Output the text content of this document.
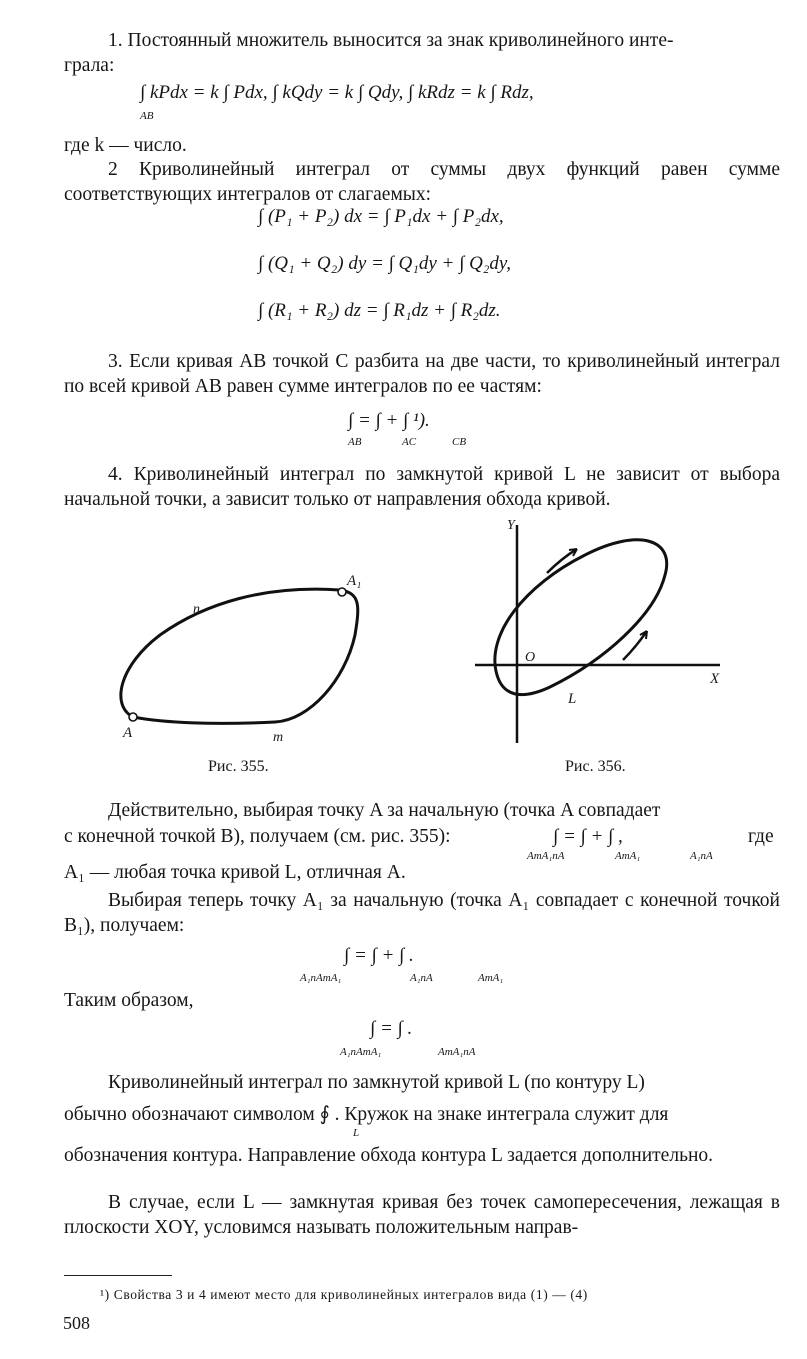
1. Постоянный множитель выносится за знак криволинейного инте-
грала:
∫ kPdx = k ∫ Pdx, ∫ kQdy = k ∫ Qdy, ∫ kRdz = k ∫ Rdz,
AB
где k — число.
2 Криволинейный интеграл от суммы двух функций равен сумме соответствующих интегралов от слагаемых:
∫ (P₁ + P₂) dx = ∫ P₁dx + ∫ P₂dx,
∫ (Q₁ + Q₂) dy = ∫ Q₁dy + ∫ Q₂dy,
∫ (R₁ + R₂) dz = ∫ R₁dz + ∫ R₂dz.
3. Если кривая AB точкой C разбита на две части, то криволинейный интеграл по всей кривой AB равен сумме интегралов по ее частям:
∫ = ∫ + ∫ ¹).
AB	AC	CB
4. Криволинейный интеграл по замкнутой кривой L не зависит от выбора начальной точки, а зависит только от направления обхода кривой.
A
A₁
n
m
Рис. 355.
Y
X
O
L
Рис. 356.
Действительно, выбирая точку A за начальную (точка A совпадает
с конечной точкой B), получаем (см. рис. 355):	∫ = ∫ + ∫ ,	где
AmA₁nA	AmA₁	A₁nA
A₁ — любая точка кривой L, отличная A.
Выбирая теперь точку A₁ за начальную (точка A₁ совпадает с конечной точкой B₁), получаем:
∫ = ∫ + ∫ .
A₁nAmA₁	A₁nA	AmA₁
Таким образом,
∫ = ∫ .
A₁nAmA₁	AmA₁nA
Криволинейный интеграл по замкнутой кривой L (по контуру L)
обычно обозначают символом ∮ . Кружок на знаке интеграла служит для
L
обозначения контура. Направление обхода контура L задается дополнительно.
В случае, если L — замкнутая кривая без точек самопересечения, лежащая в плоскости XOY, условимся называть положительным направ-
¹) Свойства 3 и 4 имеют место для криволинейных интегралов вида (1) — (4)
508
